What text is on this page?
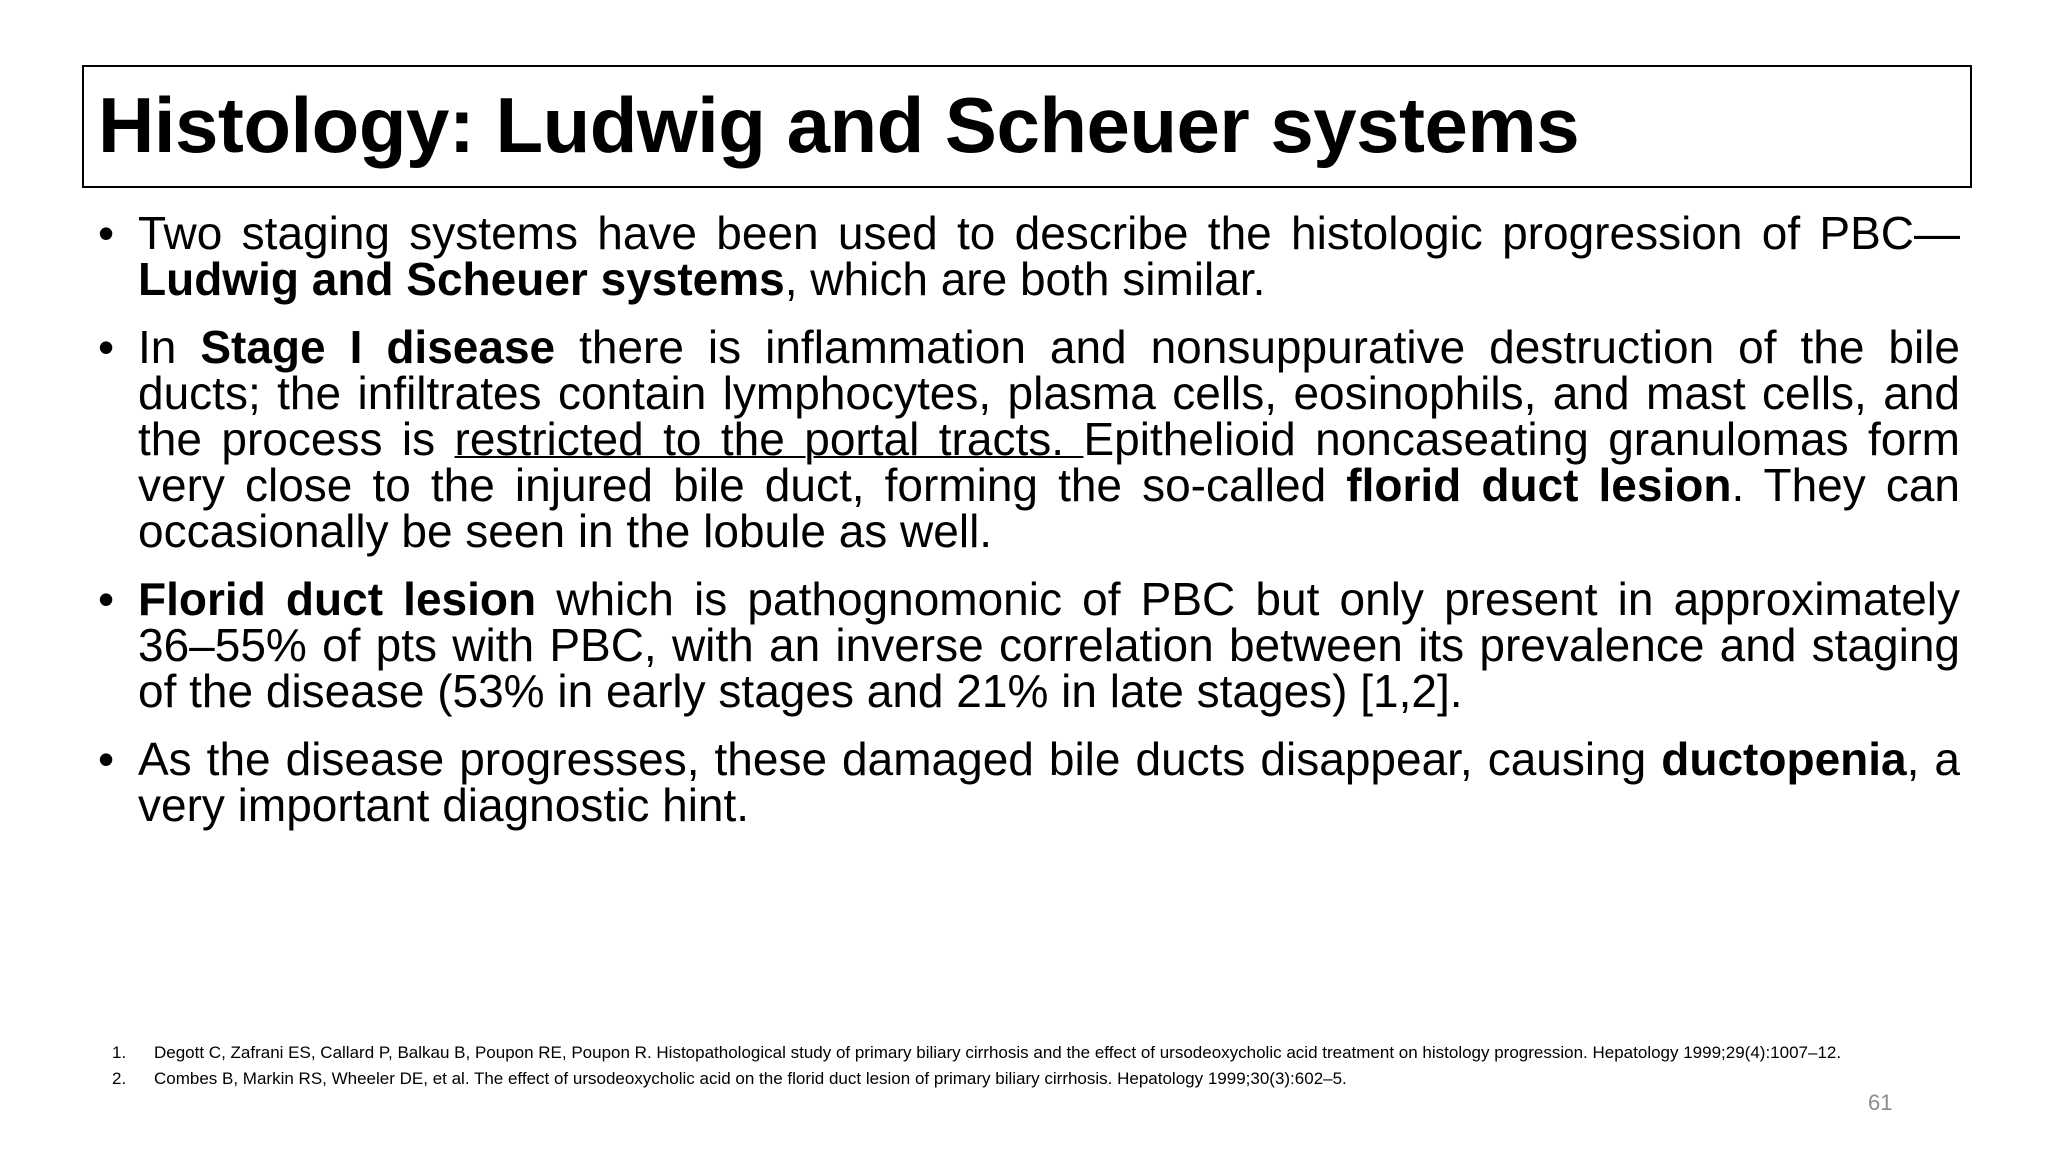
Histology: Ludwig and Scheuer systems
• Two staging systems have been used to describe the histologic progression of PBC—Ludwig and Scheuer systems, which are both similar.
• In Stage I disease there is inflammation and nonsuppurative destruction of the bile ducts; the infiltrates contain lymphocytes, plasma cells, eosinophils, and mast cells, and the process is restricted to the portal tracts. Epithelioid noncaseating granulomas form very close to the injured bile duct, forming the so-called florid duct lesion. They can occasionally be seen in the lobule as well.
• Florid duct lesion which is pathognomonic of PBC but only present in approximately 36–55% of pts with PBC, with an inverse correlation between its prevalence and staging of the disease (53% in early stages and 21% in late stages) [1,2].
• As the disease progresses, these damaged bile ducts disappear, causing ductopenia, a very important diagnostic hint.
1. Degott C, Zafrani ES, Callard P, Balkau B, Poupon RE, Poupon R. Histopathological study of primary biliary cirrhosis and the effect of ursodeoxycholic acid treatment on histology progression. Hepatology 1999;29(4):1007–12.
2. Combes B, Markin RS, Wheeler DE, et al. The effect of ursodeoxycholic acid on the florid duct lesion of primary biliary cirrhosis. Hepatology 1999;30(3):602–5.
61
